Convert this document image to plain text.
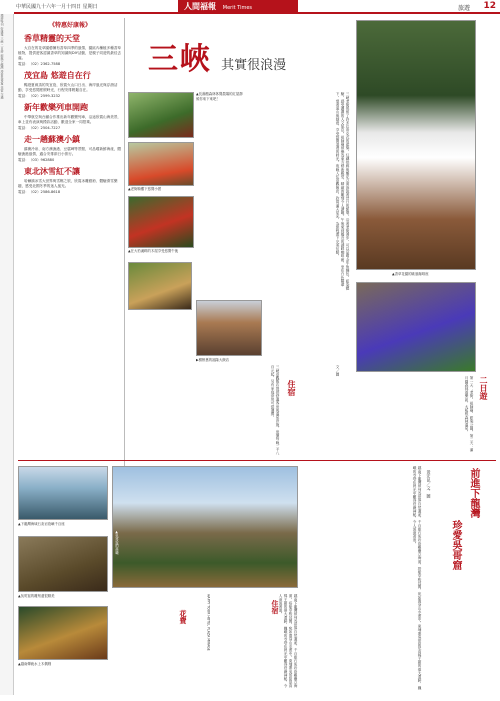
中華民國九十六年一月十四日 星期日	人間福報 Merit Times	旅遊 12
旅遊特刊 好康報 三峽 二日遊 前進下龍灣 珍愛吳哥窟 住宿 交通	《特惠好康報》
香草精靈的天堂
大自在的花草園藝擁有香草四季的風情，園區內種植多種香草植物，提供遊客認識香草的知識與DIY活動，是親子同遊的最佳去處。
電話：（02）2362-7588
茂宜島 悠遊自在行
暢遊夏威夷的茂宜島，欣賞火山口日出、海岸風光與浮潛活動，享受悠閒度假時光，行程安排輕鬆自在。
電話：（02）2599-3232
新年歡樂列車開跑
中華航空與台鐵合作推出新年歡樂列車，沿途欣賞山海美景，車上並有表演與摸彩活動，歡迎全家一同搭乘。
電話：（02）2504-7227
走一趟蘇澳小鎮
蘇澳冷泉、南方澳漁港、豆腐岬等景點，可品嚐新鮮海產，體驗漁港風情，適合安排兩日小旅行。
電話：（03）962880
東北沐雪紅不讓
哈爾濱冰雪大世界與雪鄉之旅，欣賞冰雕藝術、體驗滑雪樂趣，感受北國冬季的迷人風光。
電話：（02）2586-8618
三峽 其實很浪漫
▲長壽醋森林休閒農場的紅屋靜候你來下來吧！
▲老街騎樓下悠閒小憩
▲在大豹溪畔的木屋享受悠閒午後
▶樹梢裏的福隆大飯店
三峽老街保留了許多巴洛克式的建築，紅磚拱廊與雕花立面訴說著昔日的繁華。沿著老街漫步，可以品嚐金牛角麵包、藍染體驗，感受濃濃的人文氣息。祖師廟被譽為東方藝術殿堂，精緻的雕刻令人讚嘆。午後來到鄰近的湖畔咖啡館，坐在白色陽傘下，望著遠山與綠意，享受悠閒浪漫的時光。夜晚入住景觀飯店，欣賞滿天星光，為旅程畫下完美句點。
▲香草花園的歐風咖啡座
住宿
三峽景觀飯店提供舒適客房與溫泉設施，房價每晚二千八百元起，另有家庭套房可供選擇。	文／圖
二日遊
第一天：老街、祖師廟、藍染公園。第二天：滿月圓森林遊樂區、大板根森林溫泉。
▲下龍灣海域石灰岩島嶼千百座
▲吳哥窟的雕刻還很精美
▲越南傳統水上木偶戲
▲吳哥窟的晨曦
越南下龍灣被列為世界自然遺產，千百座石灰岩島嶼矗立海面，搭船穿梭其間，宛如置身山水畫中。柬埔寨吳哥窟是高棉王朝的偉大遺跡，巍峨的寺塔在晨光中顯得莊嚴神秘，令人深深著迷。
HAPPY TOUR HOTEL PLAZA MIRAGE
花費
住宿	越南下龍灣被列為世界自然遺產，千百座石灰岩島嶼矗立海面，搭船穿梭其間，宛如置身山水畫中。柬埔寨吳哥窟是高棉王朝的偉大遺跡，巍峨的寺塔在晨光中顯得莊嚴神秘，令人深深著迷。	黃宏昆／文．圖	前進下龍灣
珍愛吳哥窟
